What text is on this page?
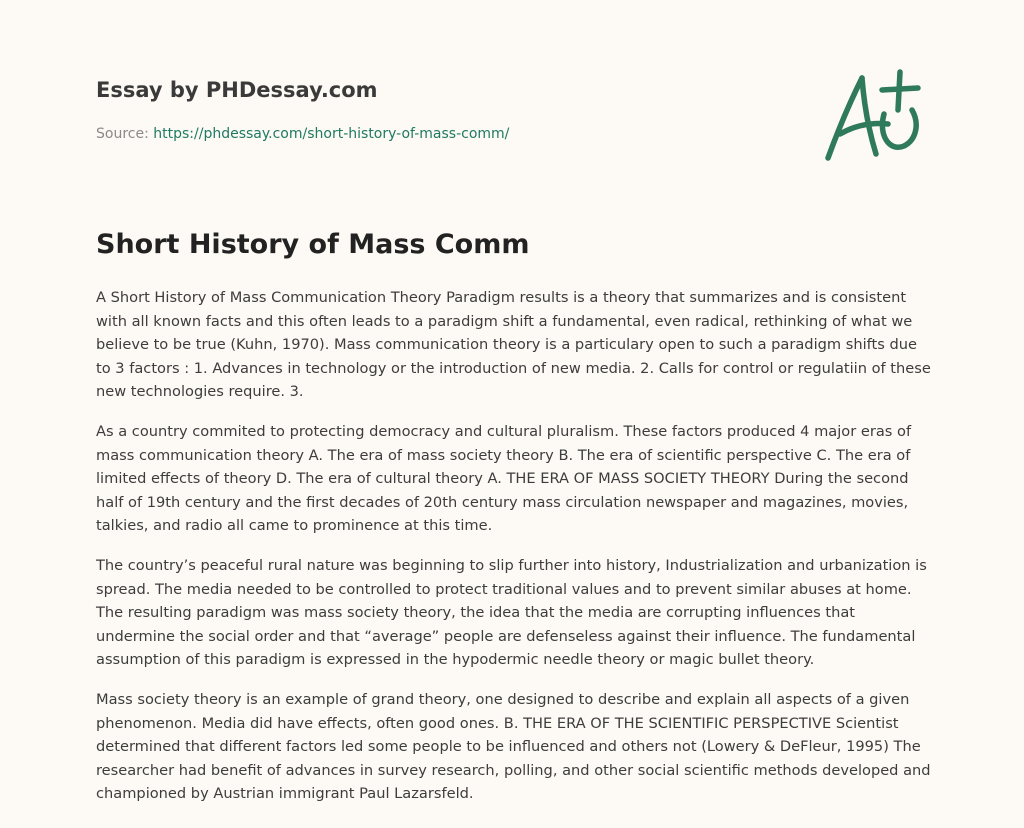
Essay by PHDessay.com
Source: https://phdessay.com/short-history-of-mass-comm/
Short History of Mass Comm

A Short History of Mass Communication Theory Paradigm results is a theory that summarizes and is consistent with all known facts and this often leads to a paradigm shift a fundamental, even radical, rethinking of what we believe to be true (Kuhn, 1970). Mass communication theory is a particulary open to such a paradigm shifts due to 3 factors : 1. Advances in technology or the introduction of new media. 2. Calls for control or regulatiin of these new technologies require. 3.

As a country commited to protecting democracy and cultural pluralism. These factors produced 4 major eras of mass communication theory A. The era of mass society theory B. The era of scientific perspective C. The era of limited effects of theory D. The era of cultural theory A. THE ERA OF MASS SOCIETY THEORY During the second half of 19th century and the first decades of 20th century mass circulation newspaper and magazines, movies, talkies, and radio all came to prominence at this time.

The country’s peaceful rural nature was beginning to slip further into history, Industrialization and urbanization is spread. The media needed to be controlled to protect traditional values and to prevent similar abuses at home. The resulting paradigm was mass society theory, the idea that the media are corrupting influences that undermine the social order and that “average” people are defenseless against their influence. The fundamental assumption of this paradigm is expressed in the hypodermic needle theory or magic bullet theory.

Mass society theory is an example of grand theory, one designed to describe and explain all aspects of a given phenomenon. Media did have effects, often good ones. B. THE ERA OF THE SCIENTIFIC PERSPECTIVE Scientist determined that different factors led some people to be influenced and others not (Lowery & DeFleur, 1995) The researcher had benefit of advances in survey research, polling, and other social scientific methods developed and championed by Austrian immigrant Paul Lazarsfeld.
